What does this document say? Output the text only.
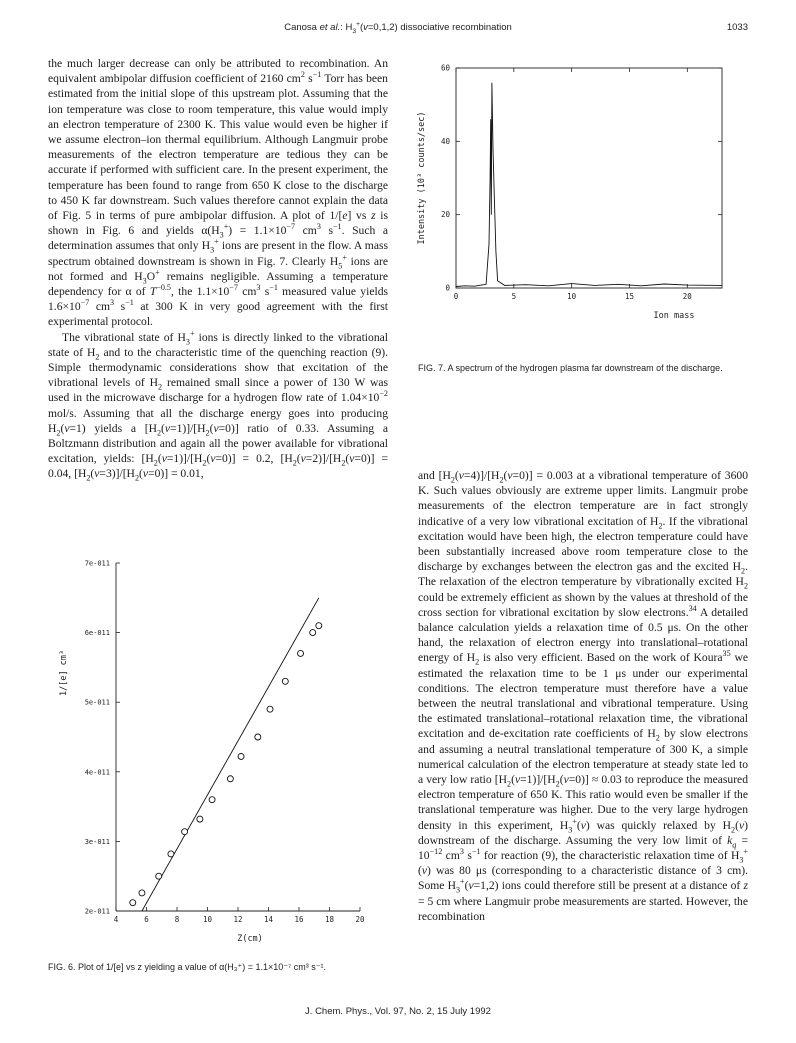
Canosa et al.: $H_3^+(v=0,1,2)$ dissociative recombination	1033

the much larger decrease can only be attributed to recombination. An equivalent ambipolar diffusion coefficient of 2160 $cm^2$ $s^{-1}$ Torr has been estimated from the initial slope of this upstream plot. Assuming that the ion temperature was close to room temperature, this value would imply an electron temperature of 2300 K. This value would even be higher if we assume electron–ion thermal equilibrium. Although Langmuir probe measurements of the electron temperature are tedious they can be accurate if performed with sufficient care. In the present experiment, the temperature has been found to range from 650 K close to the discharge to 450 K far downstream. Such values therefore cannot explain the data of Fig. 5 in terms of pure ambipolar diffusion. A plot of 1/[e] vs z is shown in Fig. 6 and yields $\alpha(H_3^+) = 1.1\times 10^{-7}$ $cm^3$ $s^{-1}$. Such a determination assumes that only $H_3^+$ ions are present in the flow. A mass spectrum obtained downstream is shown in Fig. 7. Clearly $H_5^+$ ions are not formed and $H_3O^+$ remains negligible. Assuming a temperature dependency for α of $T^{-0.5}$, the $1.1\times 10^{-7}$ $cm^3$ $s^{-1}$ measured value yields $1.6\times 10^{-7}$ $cm^3$ $s^{-1}$ at 300 K in very good agreement with the first experimental protocol.

The vibrational state of $H_3^+$ ions is directly linked to the vibrational state of $H_2$ and to the characteristic time of the quenching reaction (9). Simple thermodynamic considerations show that excitation of the vibrational levels of $H_2$ remained small since a power of 130 W was used in the microwave discharge for a hydrogen flow rate of $1.04\times 10^{-2}$ mol/s. Assuming that all the discharge energy goes into producing $H_2(v=1)$ yields a $[H_2(v=1)]/[H_2(v=0)]$ ratio of 0.33. Assuming a Boltzmann distribution and again all the power available for vibrational excitation, yields: $[H_2(v=1)]/[H_2(v=0)] = 0.2$, $[H_2(v=2)]/[H_2(v=0)] = 0.04$, $[H_2(v=3)]/[H_2(v=0)] = 0.01$,

0	5	10	15	20
0
20
40
60
Ion mass
Intensity (10³ counts/sec)
FIG. 7. A spectrum of the hydrogen plasma far downstream of the discharge.
4	6	8	10	12	14	16	18	20
2e-011
3e-011
4e-011
5e-011
6e-011
7e-011
Z(cm)
1/[e] cm³
FIG. 6. Plot of 1/[e] vs z yielding a value of α(H₃⁺) = 1.1×10⁻⁷ cm³ s⁻¹.

and $[H_2(v=4)]/[H_2(v=0)] = 0.003$ at a vibrational temperature of 3600 K. Such values obviously are extreme upper limits. Langmuir probe measurements of the electron temperature are in fact strongly indicative of a very low vibrational excitation of $H_2$. If the vibrational excitation would have been high, the electron temperature could have been substantially increased above room temperature close to the discharge by exchanges between the electron gas and the excited $H_2$. The relaxation of the electron temperature by vibrationally excited $H_2$ could be extremely efficient as shown by the values at threshold of the cross section for vibrational excitation by slow electrons.$^{34}$ A detailed balance calculation yields a relaxation time of 0.5 μs. On the other hand, the relaxation of electron energy into translational–rotational energy of $H_2$ is also very efficient. Based on the work of Koura$^{35}$ we estimated the relaxation time to be 1 μs under our experimental conditions. The electron temperature must therefore have a value between the neutral translational and vibrational temperature. Using the estimated translational–rotational relaxation time, the vibrational excitation and de-excitation rate coefficients of $H_2$ by slow electrons and assuming a neutral translational temperature of 300 K, a simple numerical calculation of the electron temperature at steady state led to a very low ratio $[H_2(v=1)]/[H_2(v=0)] \approx 0.03$ to reproduce the measured electron temperature of 650 K. This ratio would even be smaller if the translational temperature was higher. Due to the very large hydrogen density in this experiment, $H_3^+(v)$ was quickly relaxed by $H_2(v)$ downstream of the discharge. Assuming the very low limit of $k_q = 10^{-12}$ $cm^3$ $s^{-1}$ for reaction (9), the characteristic relaxation time of $H_3^+(v)$ was 80 μs (corresponding to a characteristic distance of 3 cm). Some $H_3^+(v=1,2)$ ions could therefore still be present at a distance of z = 5 cm where Langmuir probe measurements are started. However, the recombination

J. Chem. Phys., Vol. 97, No. 2, 15 July 1992
